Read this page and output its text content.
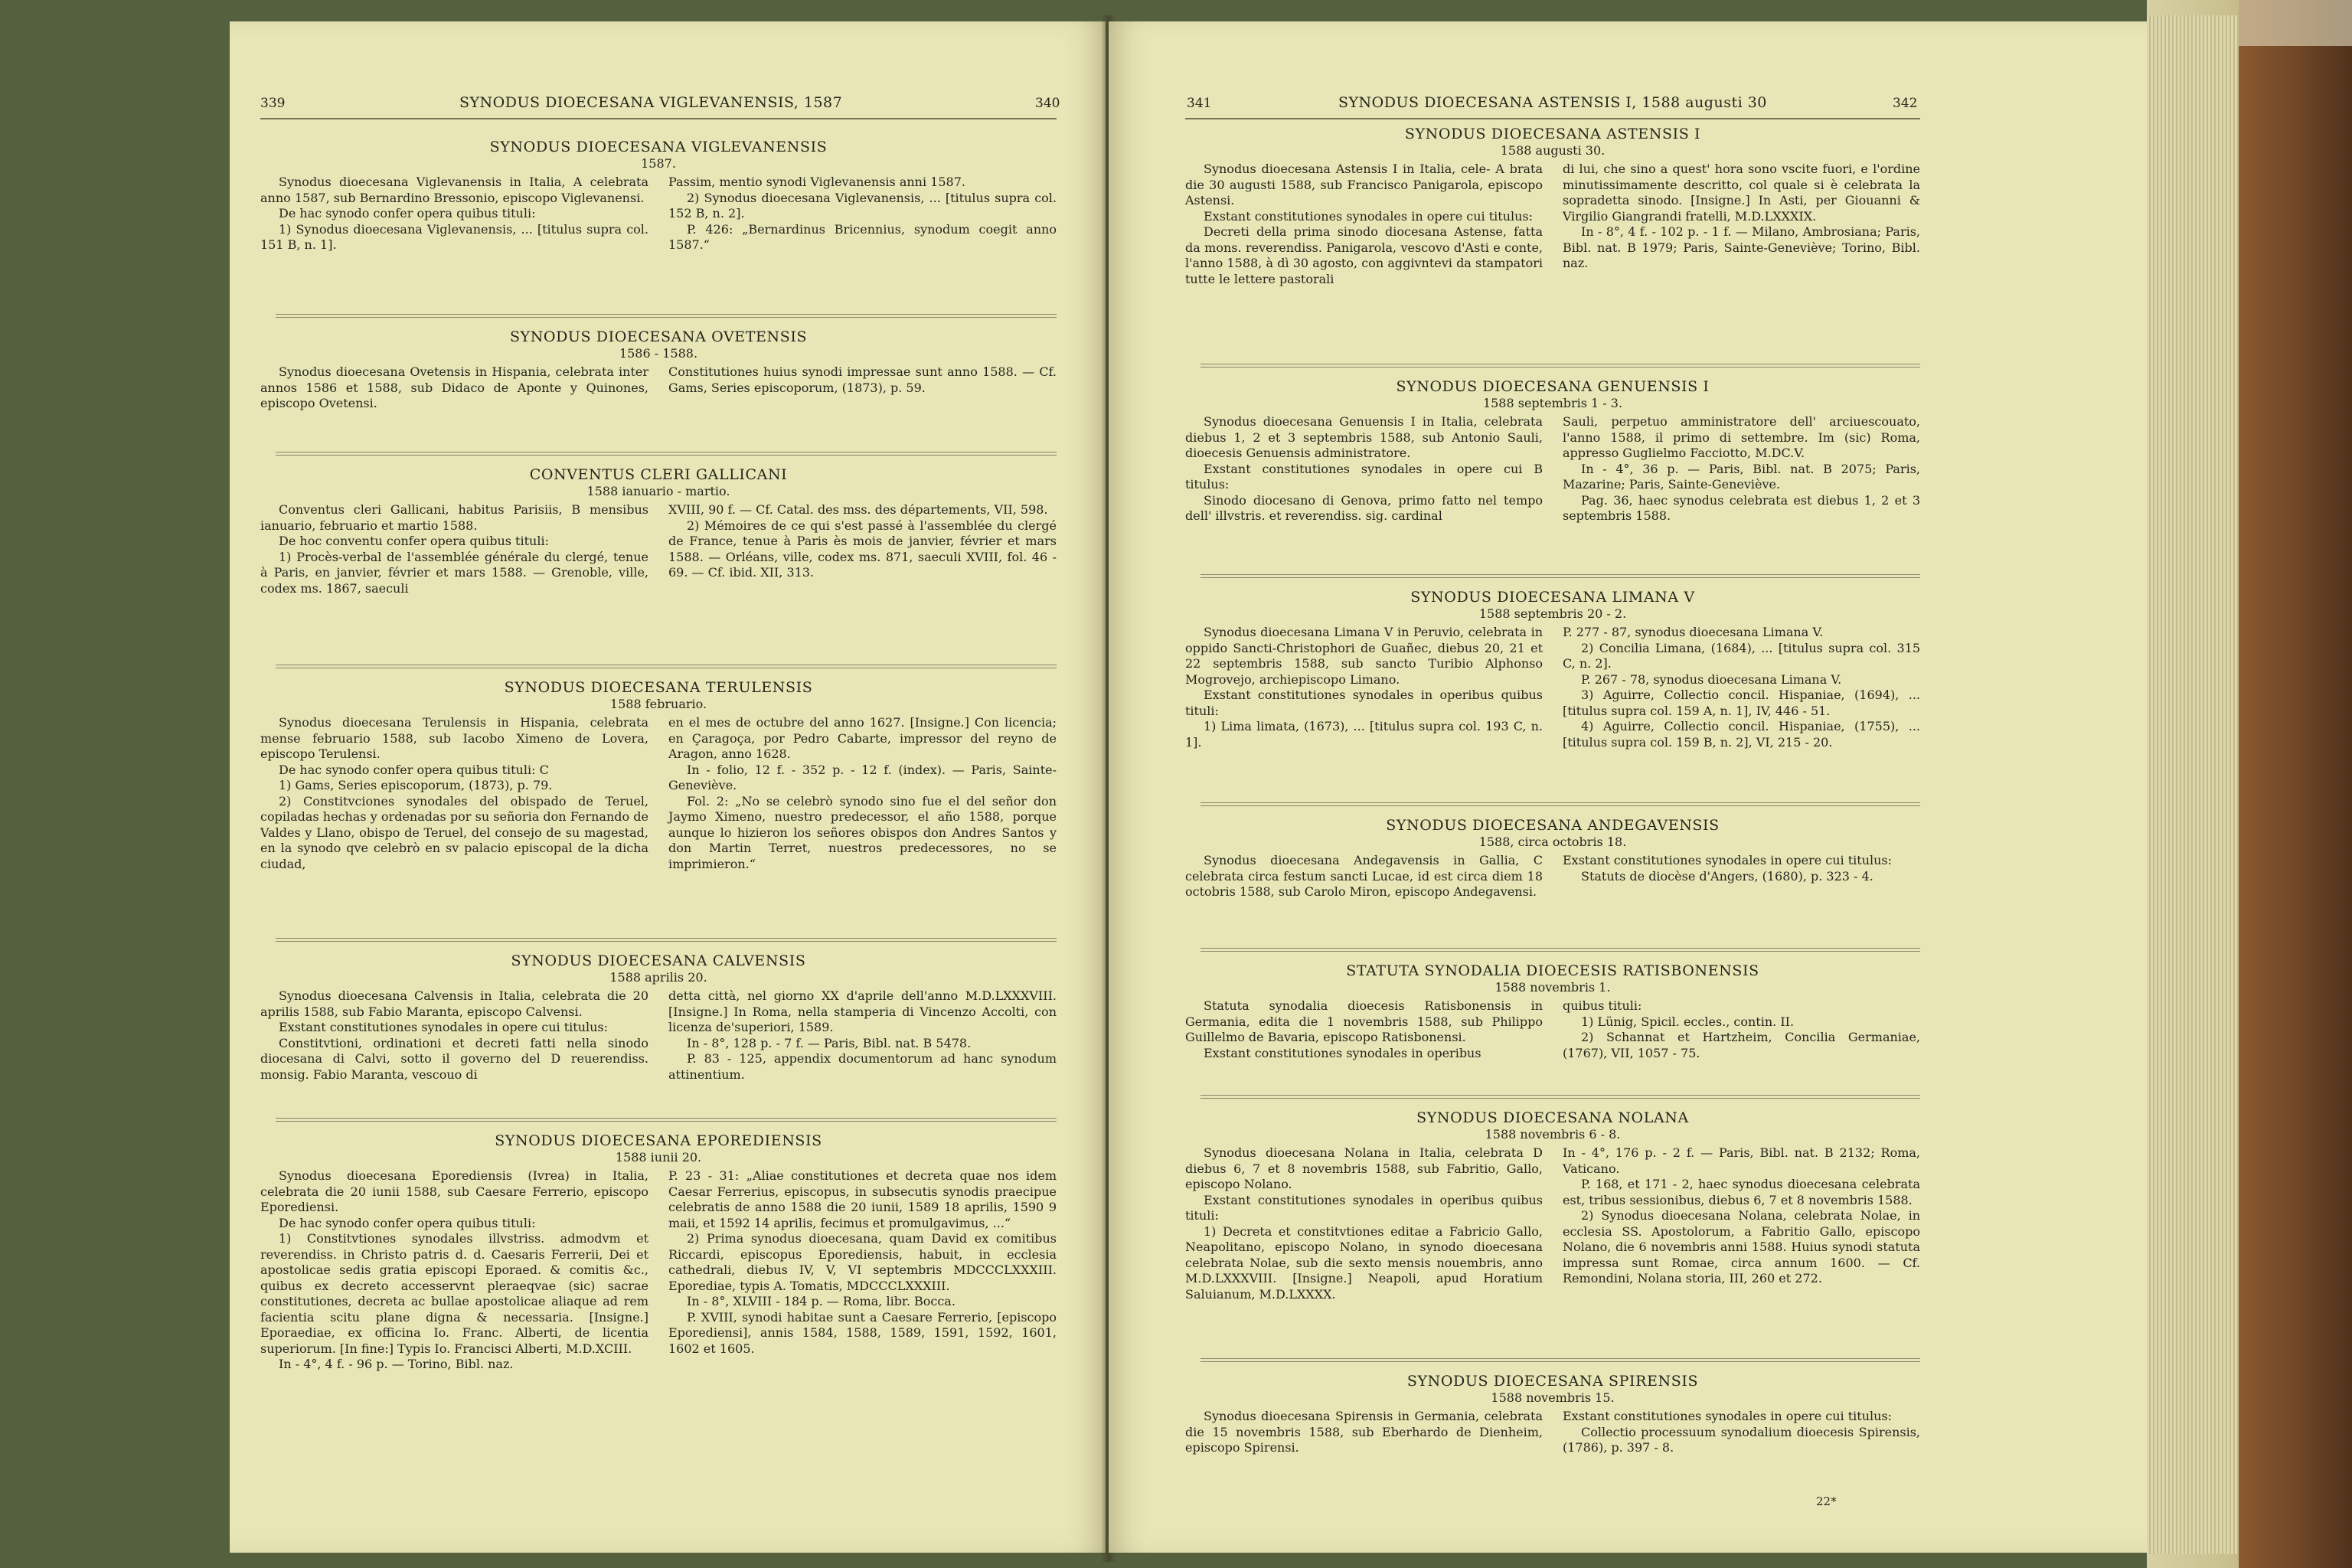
339	SYNODUS DIOECESANA VIGLEVANENSIS, 1587	340
SYNODUS DIOECESANA VIGLEVANENSIS
1587.

Synodus dioecesana Viglevanensis in Italia, A celebrata anno 1587, sub Bernardino Bressonio, episcopo Viglevanensi.

De hac synodo confer opera quibus tituli:

1) Synodus dioecesana Viglevanensis, ... [titulus supra col. 151 B, n. 1].

Passim, mentio synodi Viglevanensis anni 1587.

2) Synodus dioecesana Viglevanensis, ... [titulus supra col. 152 B, n. 2].

P. 426: „Bernardinus Bricennius, synodum coegit anno 1587.“

SYNODUS DIOECESANA OVETENSIS
1586 - 1588.

Synodus dioecesana Ovetensis in Hispania, celebrata inter annos 1586 et 1588, sub Didaco de Aponte y Quinones, episcopo Ovetensi.

Constitutiones huius synodi impressae sunt anno 1588. — Cf. Gams, Series episcoporum, (1873), p. 59.

CONVENTUS CLERI GALLICANI
1588 ianuario - martio.

Conventus cleri Gallicani, habitus Parisiis, B mensibus ianuario, februario et martio 1588.

De hoc conventu confer opera quibus tituli:

1) Procès-verbal de l'assemblée générale du clergé, tenue à Paris, en janvier, février et mars 1588. — Grenoble, ville, codex ms. 1867, saeculi

XVIII, 90 f. — Cf. Catal. des mss. des départements, VII, 598.

2) Mémoires de ce qui s'est passé à l'assemblée du clergé de France, tenue à Paris ès mois de janvier, février et mars 1588. — Orléans, ville, codex ms. 871, saeculi XVIII, fol. 46 - 69. — Cf. ibid. XII, 313.

SYNODUS DIOECESANA TERULENSIS
1588 februario.

Synodus dioecesana Terulensis in Hispania, celebrata mense februario 1588, sub Iacobo Ximeno de Lovera, episcopo Terulensi.

De hac synodo confer opera quibus tituli: C

1) Gams, Series episcoporum, (1873), p. 79.

2) Constitvciones synodales del obispado de Teruel, copiladas hechas y ordenadas por su señoria don Fernando de Valdes y Llano, obispo de Teruel, del consejo de su magestad, en la synodo qve celebrò en sv palacio episcopal de la dicha ciudad,

en el mes de octubre del anno 1627. [Insigne.] Con licencia; en Çaragoça, por Pedro Cabarte, impressor del reyno de Aragon, anno 1628.

In - folio, 12 f. - 352 p. - 12 f. (index). — Paris, Sainte-Geneviève.

Fol. 2: „No se celebrò synodo sino fue el del señor don Jaymo Ximeno, nuestro predecessor, el año 1588, porque aunque lo hizieron los señores obispos don Andres Santos y don Martin Terret, nuestros predecessores, no se imprimieron.“

SYNODUS DIOECESANA CALVENSIS
1588 aprilis 20.

Synodus dioecesana Calvensis in Italia, celebrata die 20 aprilis 1588, sub Fabio Maranta, episcopo Calvensi.

Exstant constitutiones synodales in opere cui titulus:

Constitvtioni, ordinationi et decreti fatti nella sinodo diocesana di Calvi, sotto il governo del D reuerendiss. monsig. Fabio Maranta, vescouo di

detta città, nel giorno XX d'aprile dell'anno M.D.LXXXVIII. [Insigne.] In Roma, nella stamperia di Vincenzo Accolti, con licenza de'superiori, 1589.

In - 8°, 128 p. - 7 f. — Paris, Bibl. nat. B 5478.

P. 83 - 125, appendix documentorum ad hanc synodum attinentium.

SYNODUS DIOECESANA EPOREDIENSIS
1588 iunii 20.

Synodus dioecesana Eporediensis (Ivrea) in Italia, celebrata die 20 iunii 1588, sub Caesare Ferrerio, episcopo Eporediensi.

De hac synodo confer opera quibus tituli:

1) Constitvtiones synodales illvstriss. admodvm et reverendiss. in Christo patris d. d. Caesaris Ferrerii, Dei et apostolicae sedis gratia episcopi Eporaed. & comitis &c., quibus ex decreto accesservnt pleraeqvae (sic) sacrae constitutiones, decreta ac bullae apostolicae aliaque ad rem facientia scitu plane digna & necessaria. [Insigne.] Eporaediae, ex officina Io. Franc. Alberti, de licentia superiorum. [In fine:] Typis Io. Francisci Alberti, M.D.XCIII.

In - 4°, 4 f. - 96 p. — Torino, Bibl. naz.

P. 23 - 31: „Aliae constitutiones et decreta quae nos idem Caesar Ferrerius, episcopus, in subsecutis synodis praecipue celebratis de anno 1588 die 20 iunii, 1589 18 aprilis, 1590 9 maii, et 1592 14 aprilis, fecimus et promulgavimus, ...“

2) Prima synodus dioecesana, quam David ex comitibus Riccardi, episcopus Eporediensis, habuit, in ecclesia cathedrali, diebus IV, V, VI septembris MDCCCLXXXIII. Eporediae, typis A. Tomatis, MDCCCLXXXIII.

In - 8°, XLVIII - 184 p. — Roma, libr. Bocca.

P. XVIII, synodi habitae sunt a Caesare Ferrerio, [episcopo Eporediensi], annis 1584, 1588, 1589, 1591, 1592, 1601, 1602 et 1605.

341	SYNODUS DIOECESANA ASTENSIS I, 1588 augusti 30	342
SYNODUS DIOECESANA ASTENSIS I
1588 augusti 30.

Synodus dioecesana Astensis I in Italia, cele- A brata die 30 augusti 1588, sub Francisco Panigarola, episcopo Astensi.

Exstant constitutiones synodales in opere cui titulus:

Decreti della prima sinodo diocesana Astense, fatta da mons. reverendiss. Panigarola, vescovo d'Asti e conte, l'anno 1588, à dì 30 agosto, con aggivntevi da stampatori tutte le lettere pastorali

di lui, che sino a quest' hora sono vscite fuori, e l'ordine minutissimamente descritto, col quale si è celebrata la sopradetta sinodo. [Insigne.] In Asti, per Giouanni & Virgilio Giangrandi fratelli, M.D.LXXXIX.

In - 8°, 4 f. - 102 p. - 1 f. — Milano, Ambrosiana; Paris, Bibl. nat. B 1979; Paris, Sainte-Geneviève; Torino, Bibl. naz.

SYNODUS DIOECESANA GENUENSIS I
1588 septembris 1 - 3.

Synodus dioecesana Genuensis I in Italia, celebrata diebus 1, 2 et 3 septembris 1588, sub Antonio Sauli, dioecesis Genuensis administratore.

Exstant constitutiones synodales in opere cui B titulus:

Sinodo diocesano di Genova, primo fatto nel tempo dell' illvstris. et reverendiss. sig. cardinal

Sauli, perpetuo amministratore dell' arciuescouato, l'anno 1588, il primo di settembre. Im (sic) Roma, appresso Guglielmo Facciotto, M.DC.V.

In - 4°, 36 p. — Paris, Bibl. nat. B 2075; Paris, Mazarine; Paris, Sainte-Geneviève.

Pag. 36, haec synodus celebrata est diebus 1, 2 et 3 septembris 1588.

SYNODUS DIOECESANA LIMANA V
1588 septembris 20 - 2.

Synodus dioecesana Limana V in Peruvio, celebrata in oppido Sancti-Christophori de Guañec, diebus 20, 21 et 22 septembris 1588, sub sancto Turibio Alphonso Mogrovejo, archiepiscopo Limano.

Exstant constitutiones synodales in operibus quibus tituli:

1) Lima limata, (1673), ... [titulus supra col. 193 C, n. 1].

P. 277 - 87, synodus dioecesana Limana V.

2) Concilia Limana, (1684), ... [titulus supra col. 315 C, n. 2].

P. 267 - 78, synodus dioecesana Limana V.

3) Aguirre, Collectio concil. Hispaniae, (1694), ... [titulus supra col. 159 A, n. 1], IV, 446 - 51.

4) Aguirre, Collectio concil. Hispaniae, (1755), ... [titulus supra col. 159 B, n. 2], VI, 215 - 20.

SYNODUS DIOECESANA ANDEGAVENSIS
1588, circa octobris 18.

Synodus dioecesana Andegavensis in Gallia, C celebrata circa festum sancti Lucae, id est circa diem 18 octobris 1588, sub Carolo Miron, episcopo Andegavensi.

Exstant constitutiones synodales in opere cui titulus:

Statuts de diocèse d'Angers, (1680), p. 323 - 4.

STATUTA SYNODALIA DIOECESIS RATISBONENSIS
1588 novembris 1.

Statuta synodalia dioecesis Ratisbonensis in Germania, edita die 1 novembris 1588, sub Philippo Guillelmo de Bavaria, episcopo Ratisbonensi.

Exstant constitutiones synodales in operibus

quibus tituli:

1) Lünig, Spicil. eccles., contin. II.

2) Schannat et Hartzheim, Concilia Germaniae, (1767), VII, 1057 - 75.

SYNODUS DIOECESANA NOLANA
1588 novembris 6 - 8.

Synodus dioecesana Nolana in Italia, celebrata D diebus 6, 7 et 8 novembris 1588, sub Fabritio, Gallo, episcopo Nolano.

Exstant constitutiones synodales in operibus quibus tituli:

1) Decreta et constitvtiones editae a Fabricio Gallo, Neapolitano, episcopo Nolano, in synodo dioecesana celebrata Nolae, sub die sexto mensis nouembris, anno M.D.LXXXVIII. [Insigne.] Neapoli, apud Horatium Saluianum, M.D.LXXXX.

In - 4°, 176 p. - 2 f. — Paris, Bibl. nat. B 2132; Roma, Vaticano.

P. 168, et 171 - 2, haec synodus dioecesana celebrata est, tribus sessionibus, diebus 6, 7 et 8 novembris 1588.

2) Synodus dioecesana Nolana, celebrata Nolae, in ecclesia SS. Apostolorum, a Fabritio Gallo, episcopo Nolano, die 6 novembris anni 1588. Huius synodi statuta impressa sunt Romae, circa annum 1600. — Cf. Remondini, Nolana storia, III, 260 et 272.

SYNODUS DIOECESANA SPIRENSIS
1588 novembris 15.

Synodus dioecesana Spirensis in Germania, celebrata die 15 novembris 1588, sub Eberhardo de Dienheim, episcopo Spirensi.

Exstant constitutiones synodales in opere cui titulus:

Collectio processuum synodalium dioecesis Spirensis, (1786), p. 397 - 8.

22*
